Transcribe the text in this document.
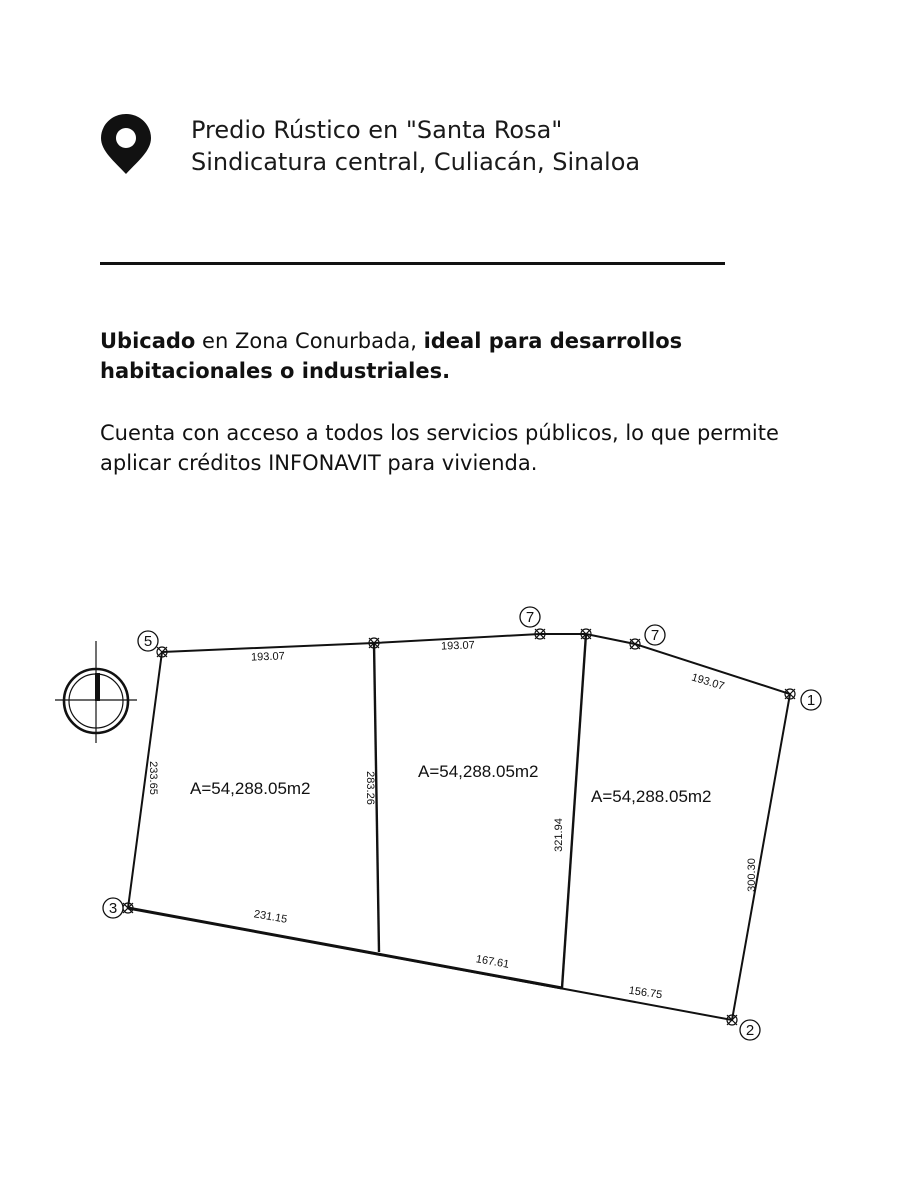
Predio Rústico en "Santa Rosa"
Sindicatura central, Culiacán, Sinaloa
Ubicado en Zona Conurbada, ideal para desarrollos habitacionales o industriales.
Cuenta con acceso a todos los servicios públicos, lo que permite aplicar créditos INFONAVIT para vivienda.
5
7
7
1
2
3
193.07
193.07
193.07
233.65	283.26
321.94
300.30
231.15
167.61
156.75
A=54,288.05m2
A=54,288.05m2
A=54,288.05m2
